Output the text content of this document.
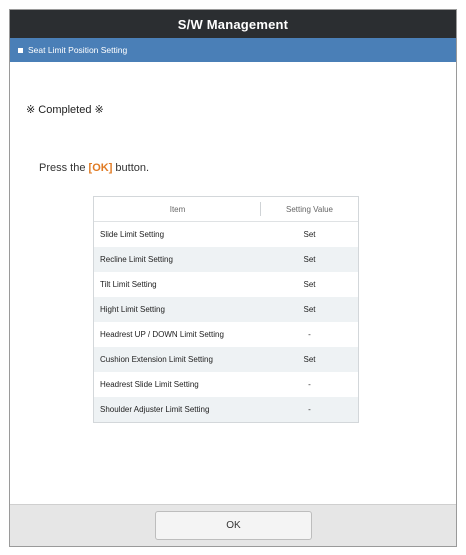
S/W Management
Seat Limit Position Setting
※ Completed ※
Press the [OK] button.
Item	Setting Value
Slide Limit Setting	Set
Recline Limit Setting	Set
Tilt Limit Setting	Set
Hight Limit Setting	Set
Headrest UP / DOWN Limit Setting	-
Cushion Extension Limit Setting	Set
Headrest Slide Limit Setting	-
Shoulder Adjuster Limit Setting	-
OK
